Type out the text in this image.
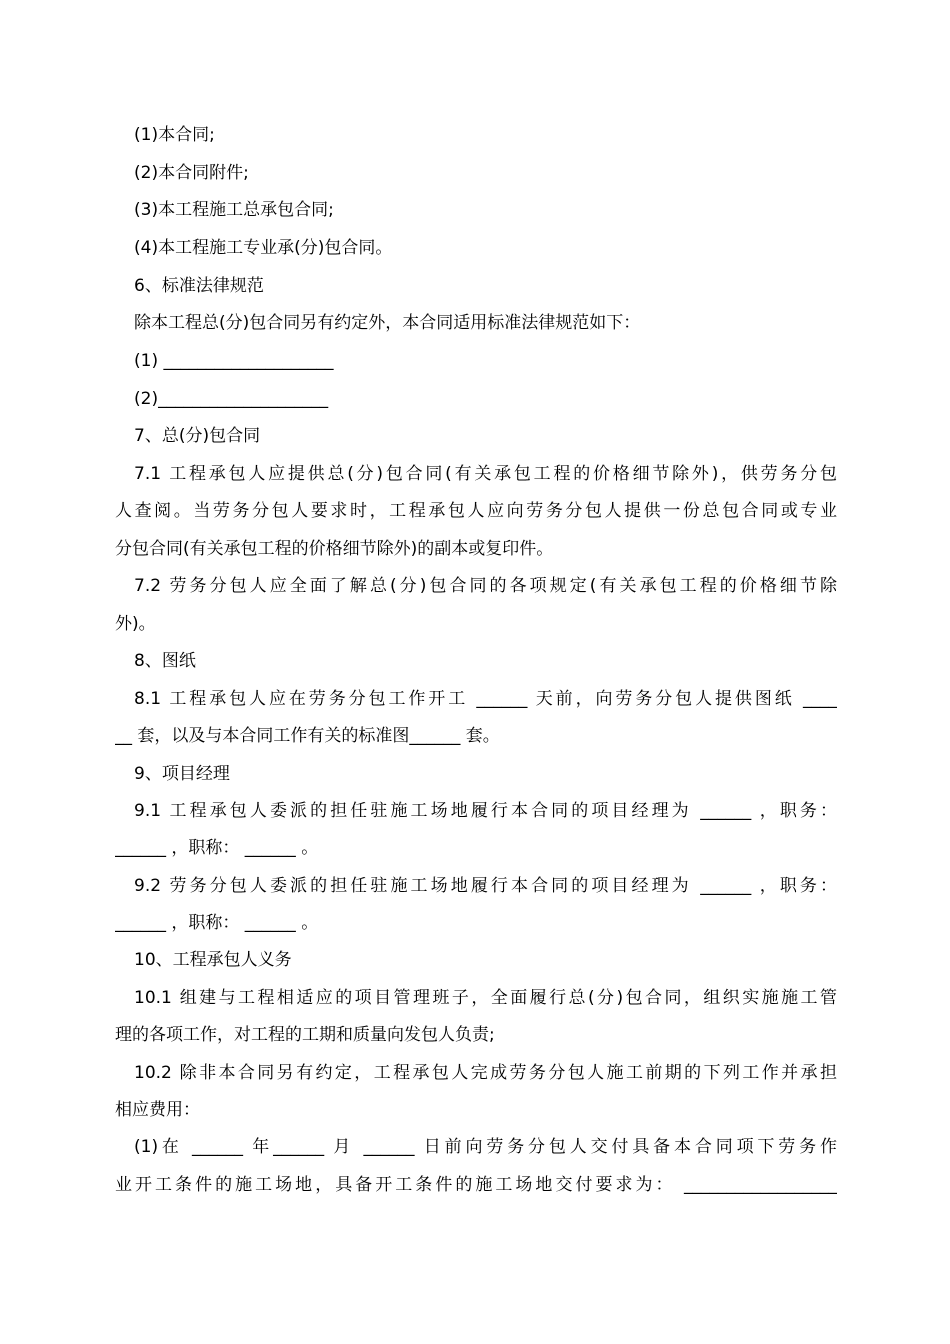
(1)本合同;
(2)本合同附件;
(3)本工程施工总承包合同;
(4)本工程施工专业承(分)包合同。
6、标准法律规范
除本工程总(分)包合同另有约定外，本合同适用标准法律规范如下：
(1) ____________________
(2)____________________
7、总(分)包合同
7.1 工程承包人应提供总(分)包合同(有关承包工程的价格细节除外)，供劳务分包
人查阅。当劳务分包人要求时，工程承包人应向劳务分包人提供一份总包合同或专业
分包合同(有关承包工程的价格细节除外)的副本或复印件。
7.2 劳务分包人应全面了解总(分)包合同的各项规定(有关承包工程的价格细节除
外)。
8、图纸
8.1 工程承包人应在劳务分包工作开工 ______ 天前，向劳务分包人提供图纸 ____
__ 套，以及与本合同工作有关的标准图______ 套。
9、项目经理
9.1 工程承包人委派的担任驻施工场地履行本合同的项目经理为 ______ ，职务：
______ ，职称： ______ 。
9.2 劳务分包人委派的担任驻施工场地履行本合同的项目经理为 ______ ，职务：
______ ，职称： ______ 。
10、工程承包人义务
10.1 组建与工程相适应的项目管理班子，全面履行总(分)包合同，组织实施施工管
理的各项工作，对工程的工期和质量向发包人负责;
10.2 除非本合同另有约定，工程承包人完成劳务分包人施工前期的下列工作并承担
相应费用：
(1)在 ______ 年______ 月 ______ 日前向劳务分包人交付具备本合同项下劳务作
业开工条件的施工场地，具备开工条件的施工场地交付要求为： __________________
